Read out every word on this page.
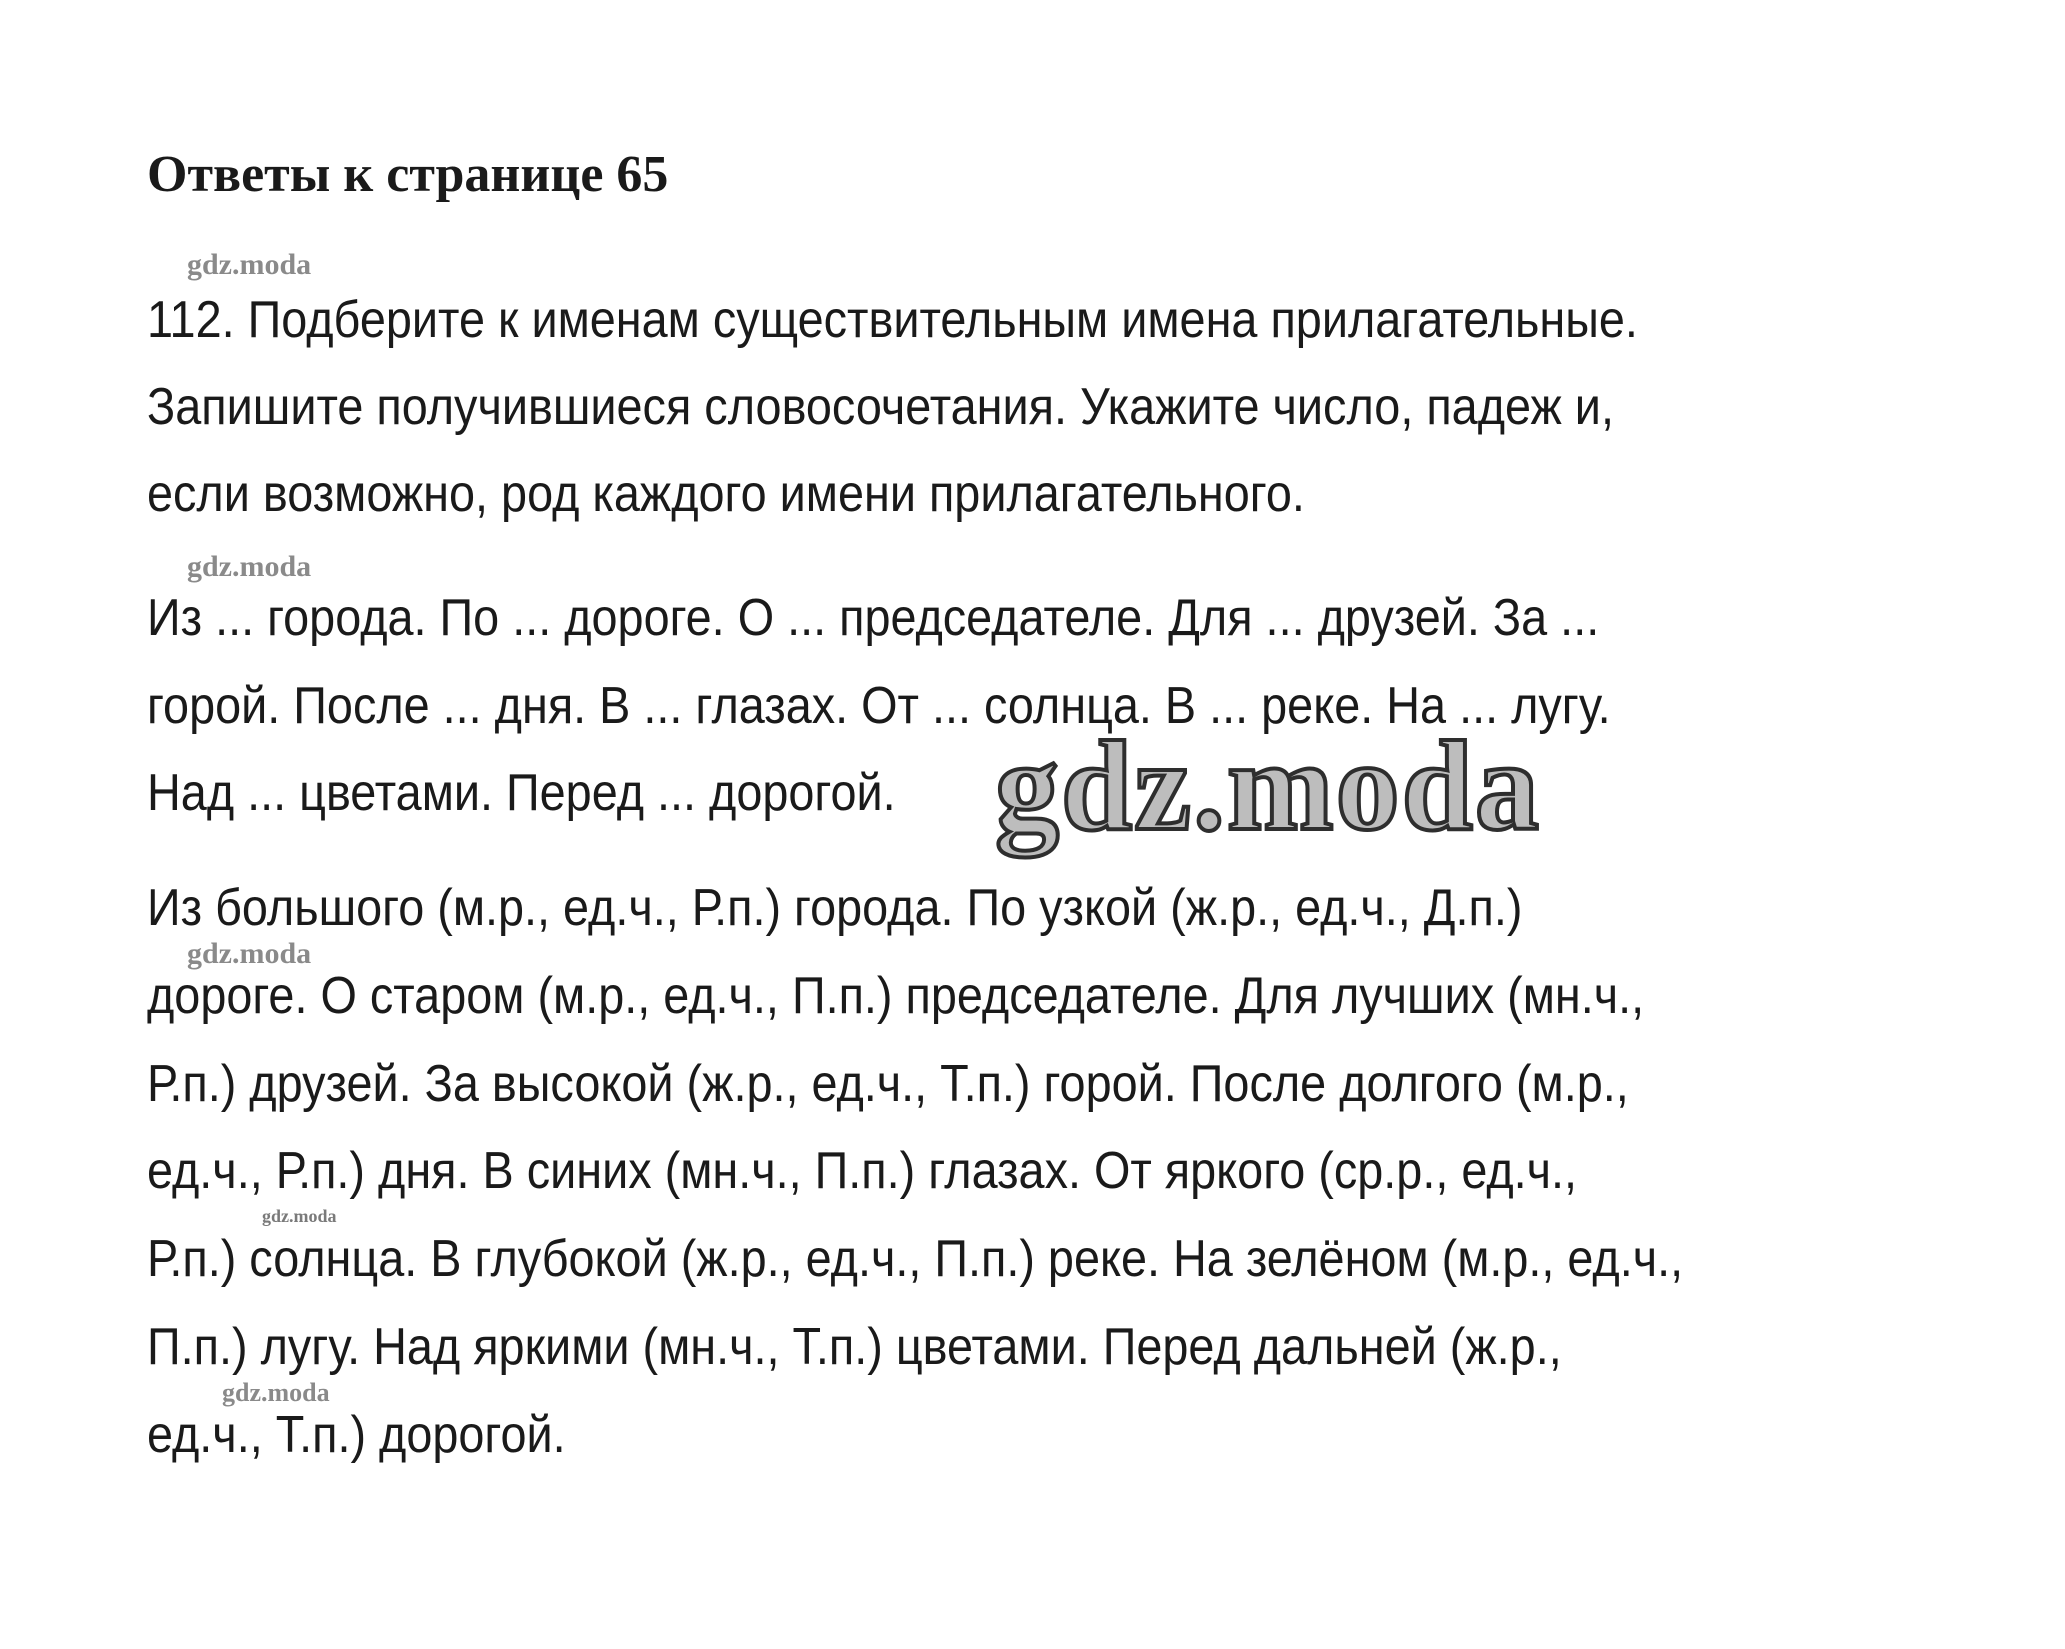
Ответы к странице 65
gdz.moda
112. Подберите к именам существительным имена прилагательные.
Запишите получившиеся словосочетания. Укажите число, падеж и,
если возможно, род каждого имени прилагательного.
gdz.moda
Из ... города. По ... дороге. О ... председателе. Для ... друзей. За ...
горой. После ... дня. В ... глазах. От ... солнца. В ... реке. На ... лугу.
Над ... цветами. Перед ... дорогой. gdz.moda
Из большого (м.р., ед.ч., Р.п.) города. По узкой (ж.р., ед.ч., Д.п.)
gdz.moda
дороге. О старом (м.р., ед.ч., П.п.) председателе. Для лучших (мн.ч.,
Р.п.) друзей. За высокой (ж.р., ед.ч., Т.п.) горой. После долгого (м.р.,
ед.ч., Р.п.) дня. В синих (мн.ч., П.п.) глазах. От яркого (ср.р., ед.ч.,
gdz.moda
Р.п.) солнца. В глубокой (ж.р., ед.ч., П.п.) реке. На зелёном (м.р., ед.ч.,
П.п.) лугу. Над яркими (мн.ч., Т.п.) цветами. Перед дальней (ж.р.,
gdz.moda
ед.ч., Т.п.) дорогой.
